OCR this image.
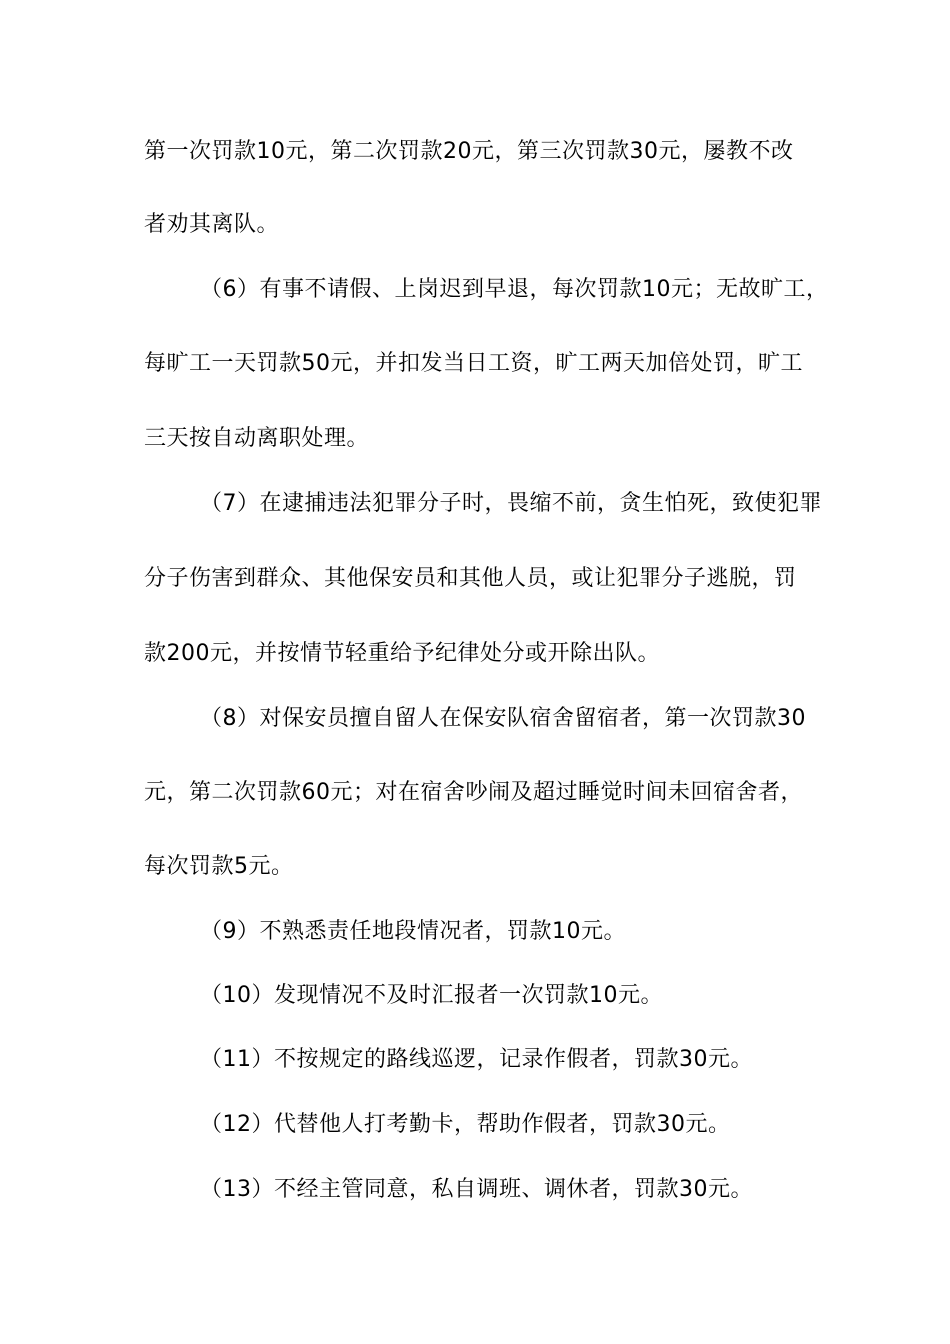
第一次罚款10元，第二次罚款20元，第三次罚款30元，屡教不改
者劝其离队。
（6）有事不请假、上岗迟到早退，每次罚款10元；无故旷工，
每旷工一天罚款50元，并扣发当日工资，旷工两天加倍处罚，旷工
三天按自动离职处理。
（7）在逮捕违法犯罪分子时，畏缩不前，贪生怕死，致使犯罪
分子伤害到群众、其他保安员和其他人员，或让犯罪分子逃脱，罚
款200元，并按情节轻重给予纪律处分或开除出队。
（8）对保安员擅自留人在保安队宿舍留宿者，第一次罚款30
元，第二次罚款60元；对在宿舍吵闹及超过睡觉时间未回宿舍者，
每次罚款5元。
（9）不熟悉责任地段情况者，罚款10元。
（10）发现情况不及时汇报者一次罚款10元。
（11）不按规定的路线巡逻，记录作假者，罚款30元。
（12）代替他人打考勤卡，帮助作假者，罚款30元。
（13）不经主管同意，私自调班、调休者，罚款30元。
